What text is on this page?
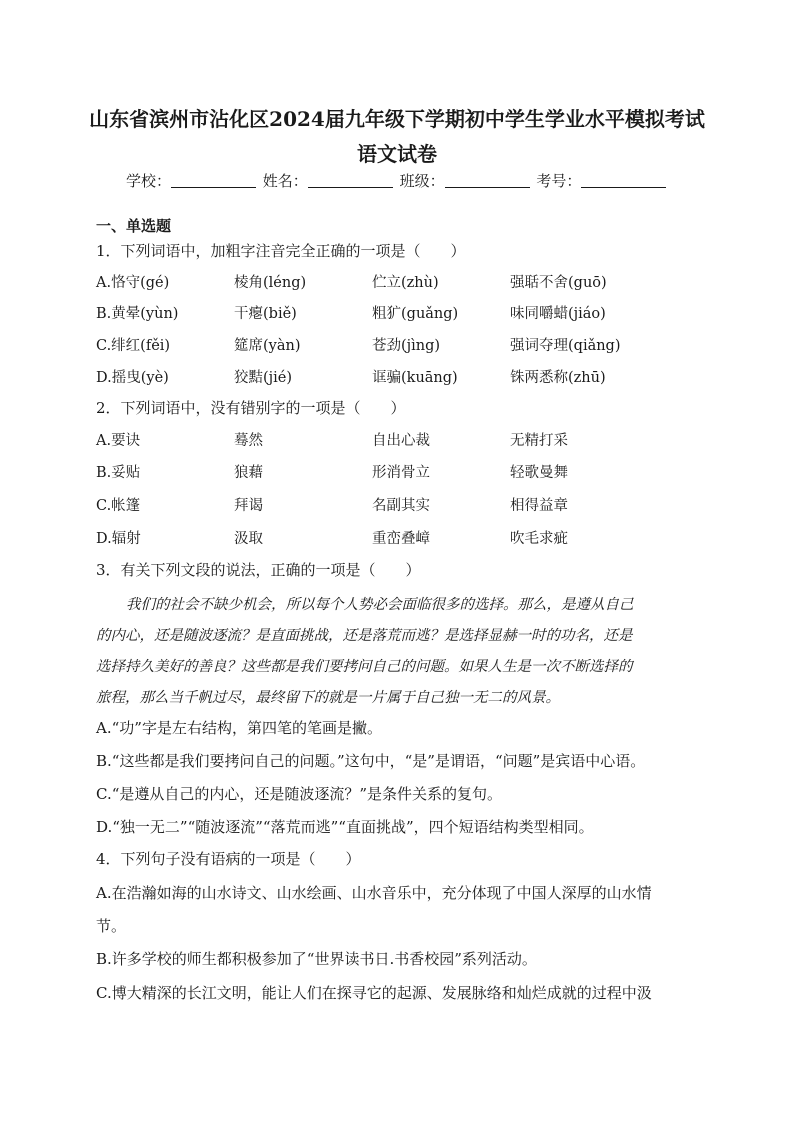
山东省滨州市沾化区2024届九年级下学期初中学生学业水平模拟考试
语文试卷
学校：	姓名：	班级：	考号：
一、单选题
1．下列词语中，加粗字注音完全正确的一项是（　　）
A.恪守(gé)	棱角(léng)	伫立(zhù)	强聒不舍(guō)
B.黄晕(yùn)	干瘪(biě)	粗犷(guǎng)	味同嚼蜡(jiáo)
C.绯红(fěi)	筵席(yàn)	苍劲(jìng)	强词夺理(qiǎng)
D.摇曳(yè)	狡黠(jié)	诓骗(kuāng)	铢两悉称(zhū)
2．下列词语中，没有错别字的一项是（　　）
A.要诀	蓦然	自出心裁	无精打采
B.妥贴	狼藉	形消骨立	轻歌曼舞
C.帐篷	拜谒	名副其实	相得益章
D.辐射	汲取	重峦叠嶂	吹毛求疵
3．有关下列文段的说法，正确的一项是（　　）
我们的社会不缺少机会，所以每个人势必会面临很多的选择。那么，是遵从自己
的内心，还是随波逐流？是直面挑战，还是落荒而逃？是选择显赫一时的功名，还是
选择持久美好的善良？这些都是我们要拷问自己的问题。如果人生是一次不断选择的
旅程，那么当千帆过尽，最终留下的就是一片属于自己独一无二的风景。
A.“功”字是左右结构，第四笔的笔画是撇。
B.“这些都是我们要拷问自己的问题。”这句中，“是”是谓语，“问题”是宾语中心语。
C.“是遵从自己的内心，还是随波逐流？”是条件关系的复句。
D.“独一无二”“随波逐流”“落荒而逃”“直面挑战”，四个短语结构类型相同。
4．下列句子没有语病的一项是（　　）
A.在浩瀚如海的山水诗文、山水绘画、山水音乐中，充分体现了中国人深厚的山水情
节。
B.许多学校的师生都积极参加了“世界读书日.书香校园”系列活动。
C.博大精深的长江文明，能让人们在探寻它的起源、发展脉络和灿烂成就的过程中汲
